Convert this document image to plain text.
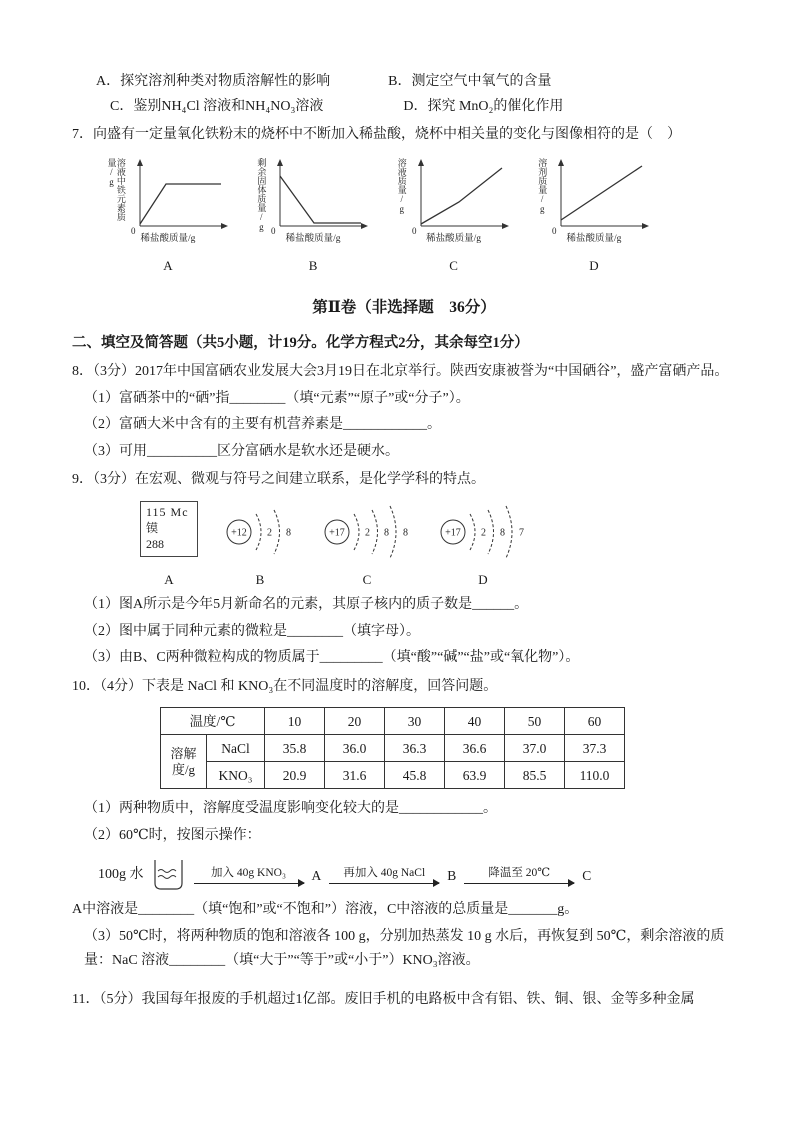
A．探究溶剂种类对物质溶解性的影响	B．测定空气中氧气的含量
C．鉴别NH₄Cl 溶液和NH₄NO₃溶液	D．探究 MnO₂的催化作用
7．向盛有一定量氧化铁粉末的烧杯中不断加入稀盐酸，烧杯中相关量的变化与图像相符的是（　）
溶液中铁元素质量/g
0
稀盐酸质量/g
A
剩余固体质量/g 0
稀盐酸质量/g
B
溶液质量/g
0
稀盐酸质量/g
C
溶剂质量/g
0
稀盐酸质量/g
D
第Ⅱ卷（非选择题　36分）
二、填空及简答题（共5小题，计19分。化学方程式2分，其余每空1分）
8．（3分）2017年中国富硒农业发展大会3月19日在北京举行。陕西安康被誉为“中国硒谷”，盛产富硒产品。
（1）富硒茶中的“硒”指________（填“元素”“原子”或“分子”）。
（2）富硒大米中含有的主要有机营养素是____________。
（3）可用__________区分富硒水是软水还是硬水。
9．（3分）在宏观、微观与符号之间建立联系，是化学学科的特点。
115 Mc
镆
288
A
+12 2 8
B
+17 2 8 8
C
+17 2 8 7
D
（1）图A所示是今年5月新命名的元素，其原子核内的质子数是______。
（2）图中属于同种元素的微粒是________（填字母）。
（3）由B、C两种微粒构成的物质属于_________（填“酸”“碱”“盐”或“氧化物”）。
10．（4分）下表是 NaCl 和 KNO₃在不同温度时的溶解度，回答问题。
温度/℃		10	20	30	40	50	60
溶解度/g	NaCl	35.8	36.0	36.3	36.6	37.0	37.3
	KNO₃	20.9	31.6	45.8	63.9	85.5	110.0
（1）两种物质中，溶解度受温度影响变化较大的是____________。
（2）60℃时，按图示操作：
100g 水	加入 40g KNO₃ A 再加入 40g NaCl B	降温至 20℃ C
A中溶液是________（填“饱和”或“不饱和”）溶液，C中溶液的总质量是_______g。
（3）50℃时，将两种物质的饱和溶液各 100 g，分别加热蒸发 10 g 水后，再恢复到 50℃，剩余溶液的质量：NaC 溶液________（填“大于”“等于”或“小于”）KNO₃溶液。
11．（5分）我国每年报废的手机超过1亿部。废旧手机的电路板中含有铝、铁、铜、银、金等多种金属
